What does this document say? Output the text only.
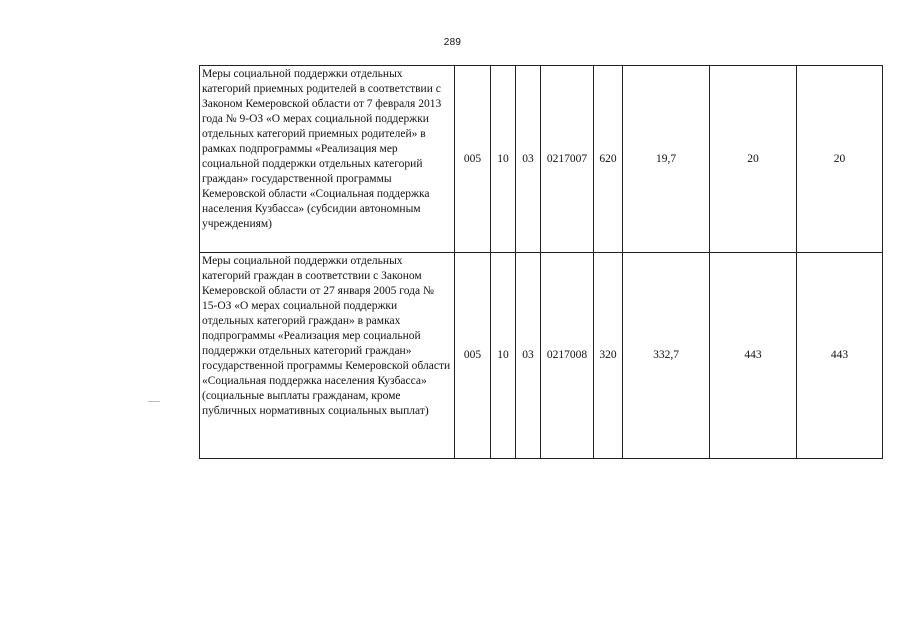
289
Меры социальной поддержки отдельных категорий приемных родителей в соответствии с Законом Кемеровской области от 7 февраля 2013 года № 9-ОЗ «О мерах социальной поддержки отдельных категорий приемных родителей» в рамках подпрограммы «Реализация мер социальной поддержки отдельных категорий граждан» государственной программы Кемеровской области «Социальная поддержка населения Кузбасса» (субсидии автономным учреждениям)	005	10	03	0217007	620	19,7	20	20
Меры социальной поддержки отдельных категорий граждан в соответствии с Законом Кемеровской области от 27 января 2005 года № 15-ОЗ «О мерах социальной поддержки отдельных категорий граждан» в рамках подпрограммы «Реализация мер социальной поддержки отдельных категорий граждан» государственной программы Кемеровской области «Социальная поддержка населения Кузбасса» (социальные выплаты гражданам, кроме публичных нормативных социальных выплат)	005	10	03	0217008	320	332,7	443	443
